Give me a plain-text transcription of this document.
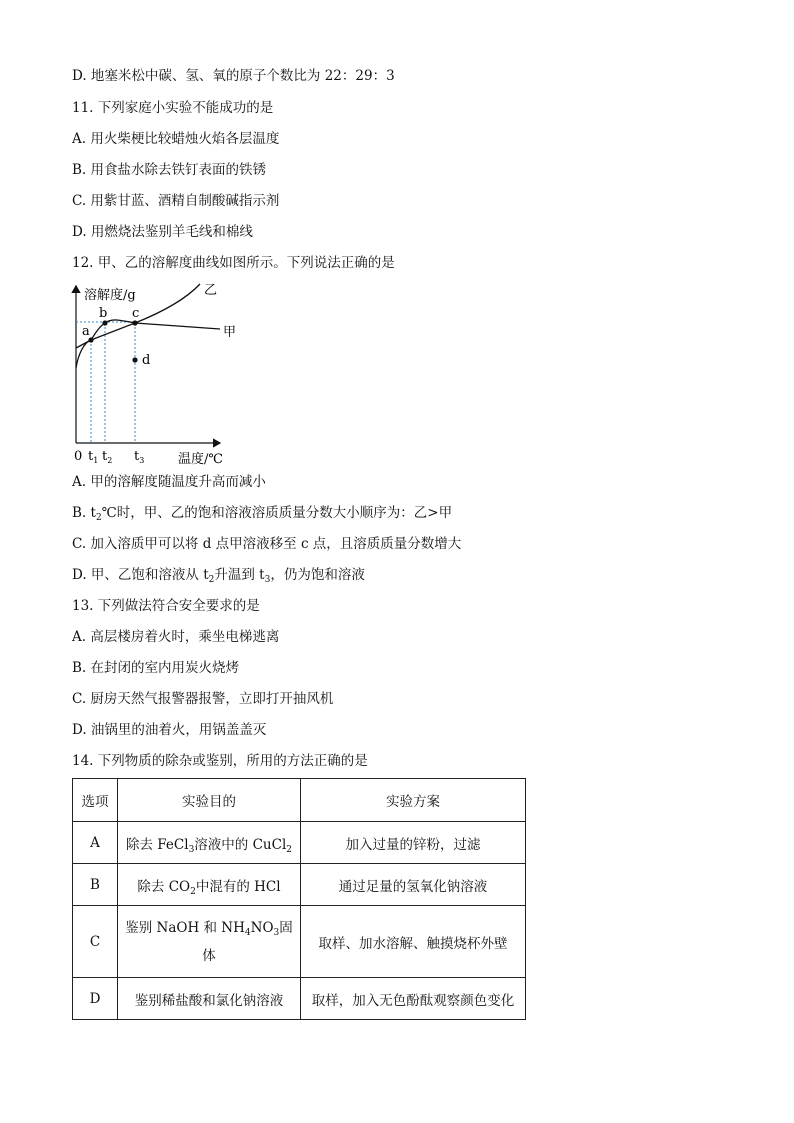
D. 地塞米松中碳、氢、氧的原子个数比为 22：29：3
11. 下列家庭小实验不能成功的是
A. 用火柴梗比较蜡烛火焰各层温度
B. 用食盐水除去铁钉表面的铁锈
C. 用紫甘蓝、酒精自制酸碱指示剂
D. 用燃烧法鉴别羊毛线和棉线
12. 甲、乙的溶解度曲线如图所示。下列说法正确的是
溶解度/g	乙
甲
a
b c
d
0 $t_1$ $t_2$ $t_3$	温度/℃
A. 甲的溶解度随温度升高而减小
B. $t_2℃$时，甲、乙的饱和溶液溶质质量分数大小顺序为：乙>甲
C. 加入溶质甲可以将 d 点甲溶液移至 c 点，且溶质质量分数增大
D. 甲、乙饱和溶液从 $t_2$升温到 $t_3$，仍为饱和溶液
13. 下列做法符合安全要求的是
A. 高层楼房着火时，乘坐电梯逃离
B. 在封闭的室内用炭火烧烤
C. 厨房天然气报警器报警，立即打开抽风机
D. 油锅里的油着火，用锅盖盖灭
14. 下列物质的除杂或鉴别，所用的方法正确的是
选项	实验目的	实验方案
A	除去 FeCl$_3$溶液中的 CuCl$_2$	加入过量的锌粉，过滤
B	除去 $CO_2$中混有的 HCl	通过足量的氢氧化钠溶液
C	鉴别 NaOH 和 $NH_4NO_3$固
体	取样、加水溶解、触摸烧杯外壁
D	鉴别稀盐酸和氯化钠溶液	取样，加入无色酚酞观察颜色变化
